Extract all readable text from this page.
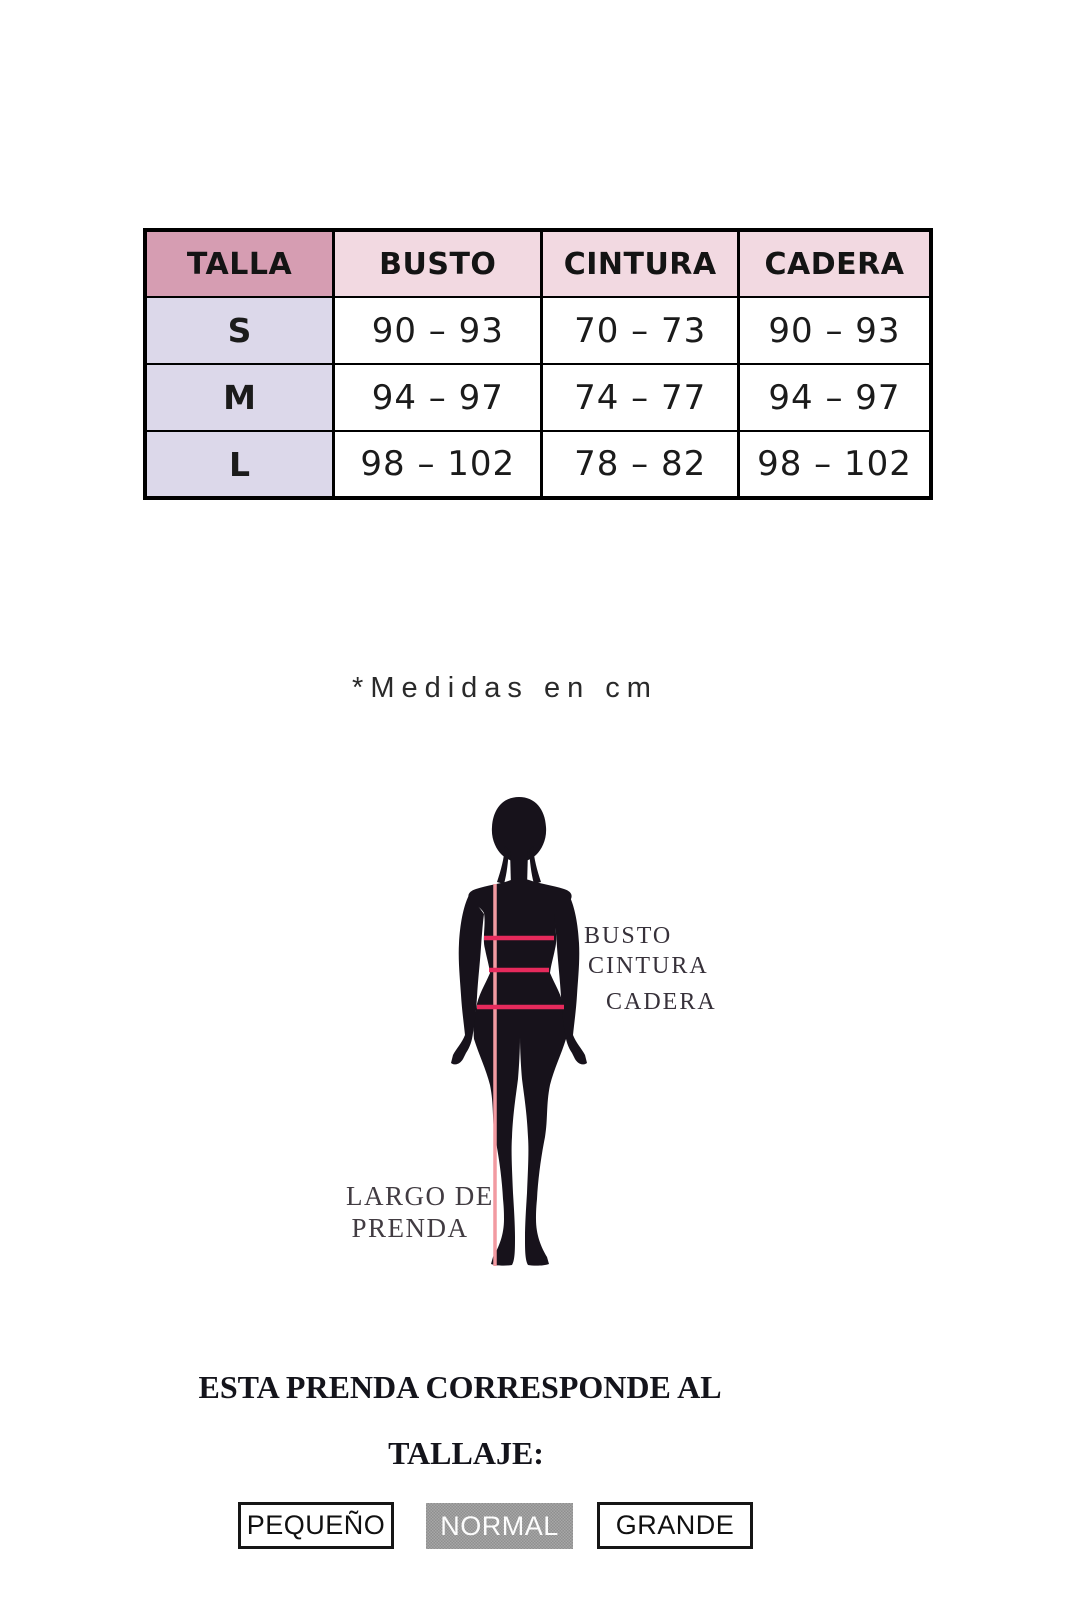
TALLA	BUSTO	CINTURA	CADERA
S	90 – 93	70 – 73	90 – 93
M	94 – 97	74 – 77	94 – 97
L	98 – 102	78 – 82	98 – 102
*Medidas en cm
BUSTO
CINTURA
CADERA
LARGO DE
PRENDA
ESTA PRENDA CORRESPONDE AL
TALLAJE:
PEQUEÑO	NORMAL	GRANDE
